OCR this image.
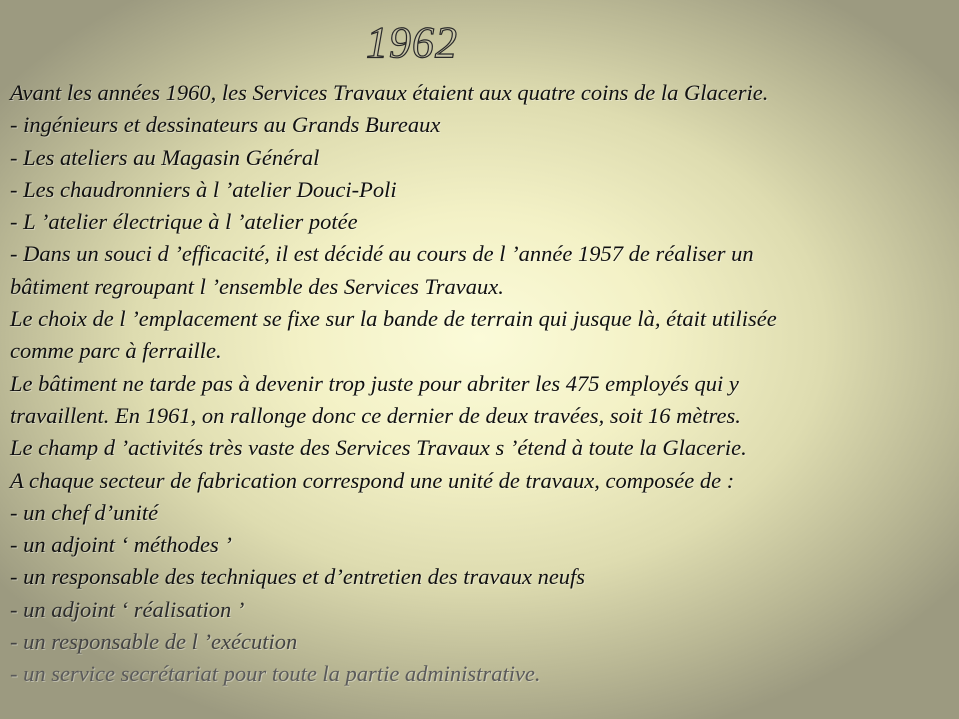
1962
Avant les années 1960, les Services Travaux étaient aux quatre coins de la Glacerie.
- ingénieurs et dessinateurs au Grands Bureaux
- Les ateliers au Magasin Général
- Les chaudronniers à l ’atelier Douci-Poli
- L ’atelier électrique à l ’atelier potée
- Dans un souci d ’efficacité, il est décidé au cours de l ’année 1957 de réaliser un
bâtiment regroupant l ’ensemble des Services Travaux.
Le choix de l ’emplacement se fixe sur la bande de terrain qui jusque là, était utilisée
comme parc à ferraille.
Le bâtiment ne tarde pas à devenir trop juste pour abriter les 475 employés qui y
travaillent. En 1961, on rallonge donc ce dernier de deux travées, soit 16 mètres.
Le champ d ’activités très vaste des Services Travaux s ’étend à toute la Glacerie.
A chaque secteur de fabrication correspond une unité de travaux, composée de :
- un chef d’unité
- un adjoint ‘ méthodes ’
- un responsable des techniques et d’entretien des travaux neufs
- un adjoint ‘ réalisation ’
- un responsable de l ’exécution
- un service secrétariat pour toute la partie administrative.
